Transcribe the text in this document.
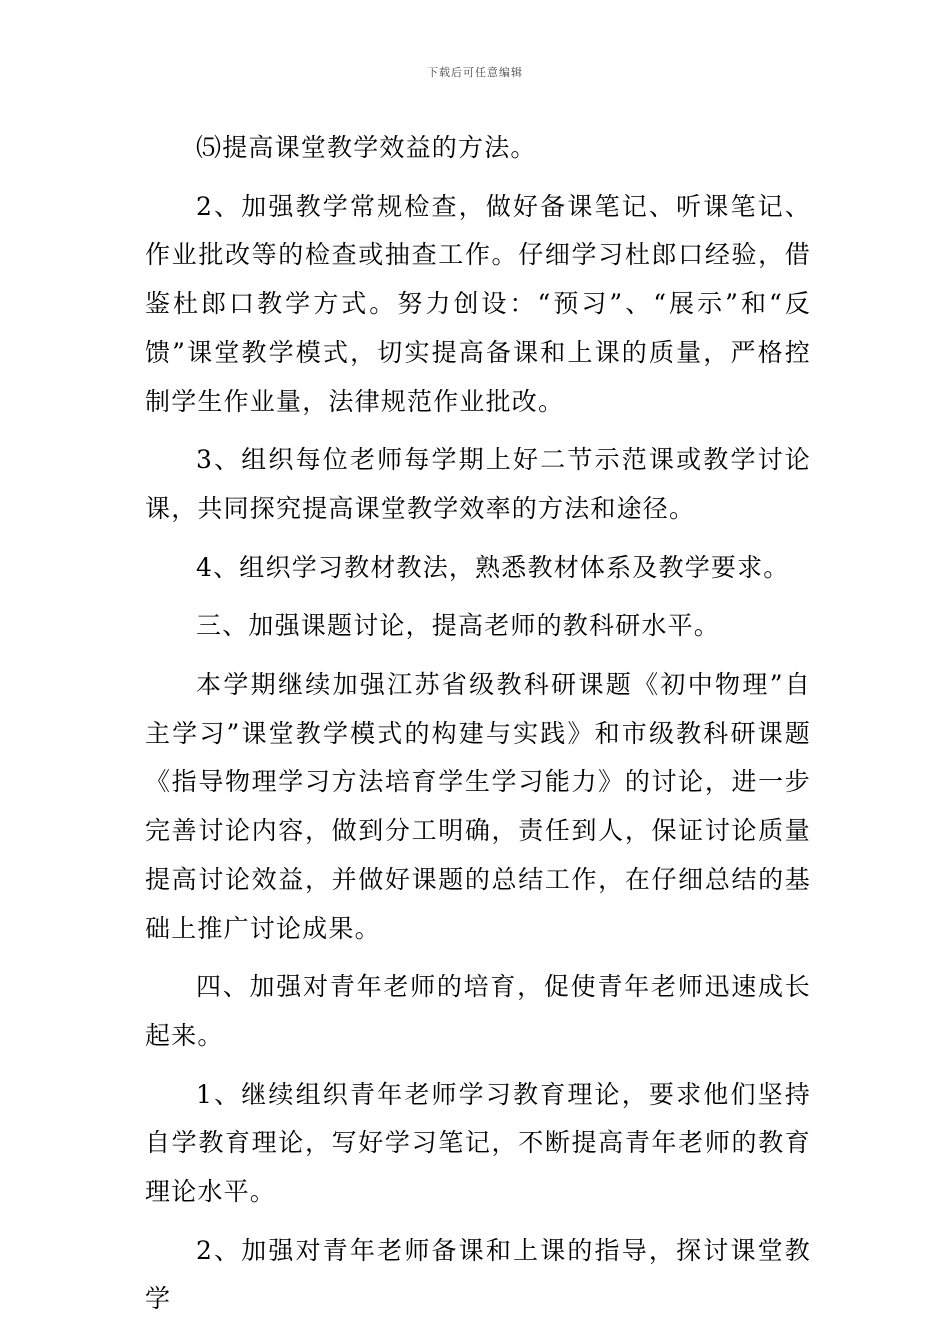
下载后可任意编辑

⑸提高课堂教学效益的方法。

2、加强教学常规检查，做好备课笔记、听课笔记、作业批改等的检查或抽查工作。仔细学习杜郎口经验，借鉴杜郎口教学方式。努力创设：“预习”、“展示”和“反馈”课堂教学模式，切实提高备课和上课的质量，严格控制学生作业量，法律规范作业批改。

3、组织每位老师每学期上好二节示范课或教学讨论课，共同探究提高课堂教学效率的方法和途径。

4、组织学习教材教法，熟悉教材体系及教学要求。

三、加强课题讨论，提高老师的教科研水平。

本学期继续加强江苏省级教科研课题《初中物理”自主学习”课堂教学模式的构建与实践》和市级教科研课题《指导物理学习方法培育学生学习能力》的讨论，进一步完善讨论内容，做到分工明确，责任到人，保证讨论质量提高讨论效益，并做好课题的总结工作，在仔细总结的基础上推广讨论成果。

四、加强对青年老师的培育，促使青年老师迅速成长起来。

1、继续组织青年老师学习教育理论，要求他们坚持自学教育理论，写好学习笔记，不断提高青年老师的教育理论水平。

2、加强对青年老师备课和上课的指导，探讨课堂教学
